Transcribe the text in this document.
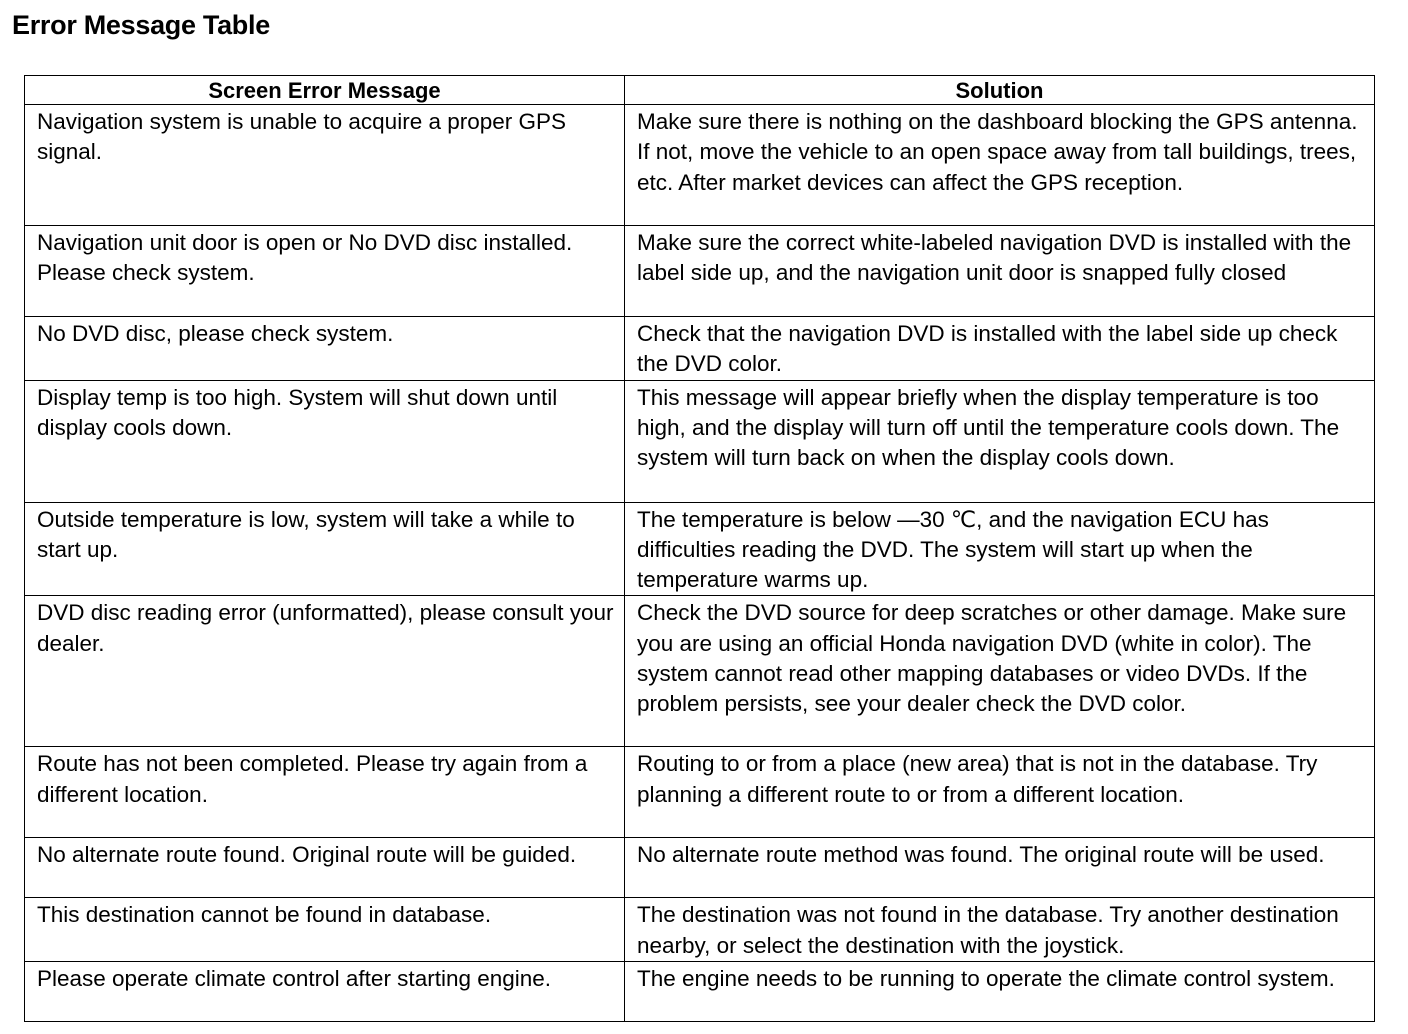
Error Message Table
Screen Error Message	Solution
Navigation system is unable to acquire a proper GPS signal.	Make sure there is nothing on the dashboard blocking the GPS antenna. If not, move the vehicle to an open space away from tall buildings, trees, etc. After market devices can affect the GPS reception.
Navigation unit door is open or No DVD disc installed. Please check system.	Make sure the correct white-labeled navigation DVD is installed with the label side up, and the navigation unit door is snapped fully closed
No DVD disc, please check system.	Check that the navigation DVD is installed with the label side up check the DVD color.
Display temp is too high. System will shut down until display cools down.	This message will appear briefly when the display temperature is too high, and the display will turn off until the temperature cools down. The system will turn back on when the display cools down.
Outside temperature is low, system will take a while to start up.	The temperature is below —30 ℃, and the navigation ECU has difficulties reading the DVD. The system will start up when the temperature warms up.
DVD disc reading error (unformatted), please consult your dealer.	Check the DVD source for deep scratches or other damage. Make sure you are using an official Honda navigation DVD (white in color). The system cannot read other mapping databases or video DVDs. If the problem persists, see your dealer check the DVD color.
Route has not been completed. Please try again from a different location.	Routing to or from a place (new area) that is not in the database. Try planning a different route to or from a different location.
No alternate route found. Original route will be guided.	No alternate route method was found. The original route will be used.
This destination cannot be found in database.	The destination was not found in the database. Try another destination nearby, or select the destination with the joystick.
Please operate climate control after starting engine.	The engine needs to be running to operate the climate control system.
